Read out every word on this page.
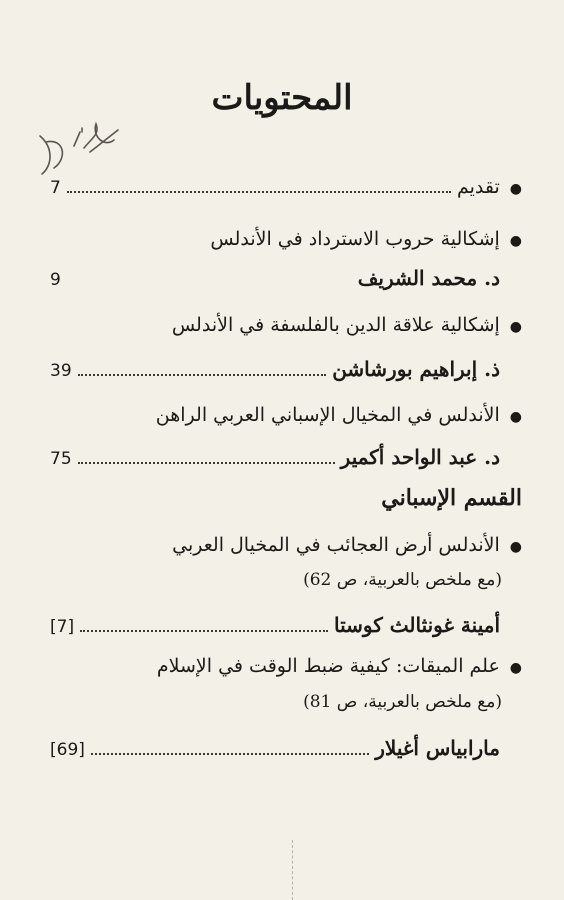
المحتويات
●
تقديم
7
●
إشكالية حروب الاسترداد في الأندلس
د. محمد الشريف
9
●
إشكالية علاقة الدين بالفلسفة في الأندلس
ذ. إبراهيم بورشاشن
39
●
الأندلس في المخيال الإسباني العربي الراهن
د. عبد الواحد أكمير
75
القسم الإسباني
●
الأندلس أرض العجائب في المخيال العربي
(مع ملخص بالعربية، ص 62)
أمينة غونثالث كوستا
[7]
●
علم الميقات: كيفية ضبط الوقت في الإسلام
(مع ملخص بالعربية، ص 81)
مارابياس أغيلار
[69]
